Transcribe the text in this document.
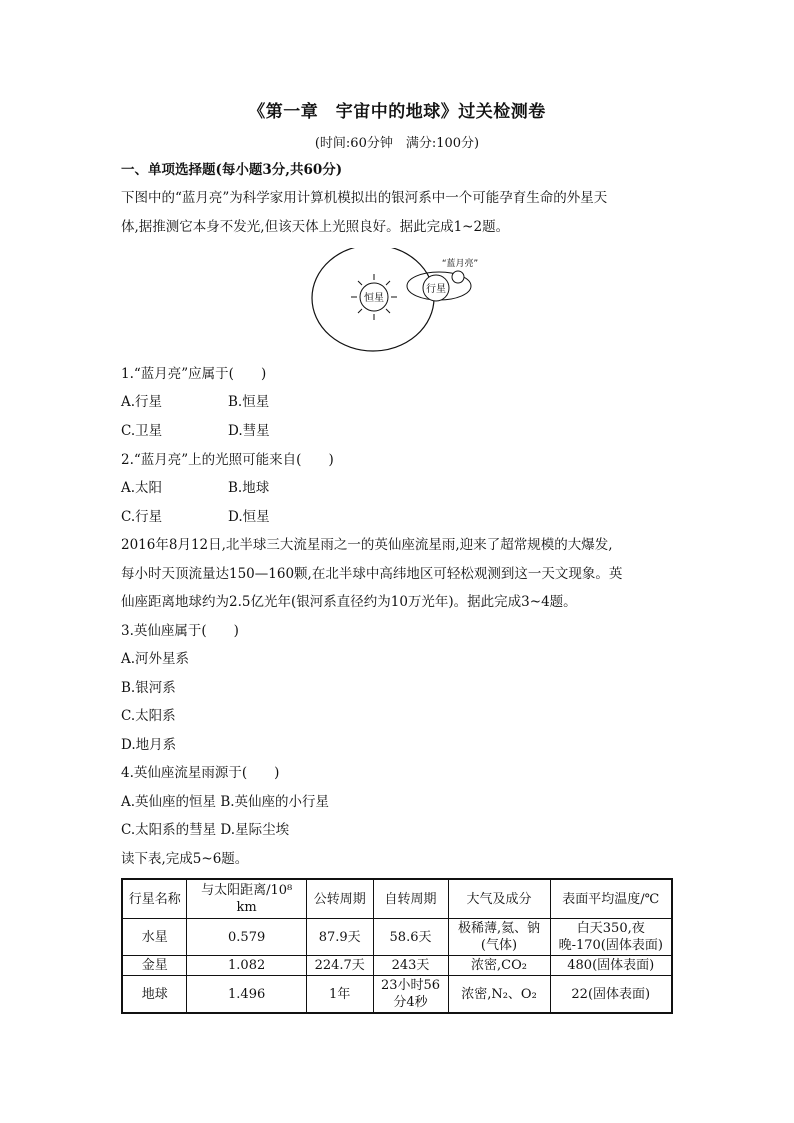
《第一章　宇宙中的地球》过关检测卷
(时间:60分钟　满分:100分)
一、单项选择题(每小题3分,共60分)
下图中的“蓝月亮”为科学家用计算机模拟出的银河系中一个可能孕育生命的外星天
体,据推测它本身不发光,但该天体上光照良好。据此完成1~2题。
恒星
行星
“蓝月亮”
1.“蓝月亮”应属于(　　)
A.行星	B.恒星
C.卫星	D.彗星
2.“蓝月亮”上的光照可能来自(　　)
A.太阳	B.地球
C.行星	D.恒星
2016年8月12日,北半球三大流星雨之一的英仙座流星雨,迎来了超常规模的大爆发,
每小时天顶流量达150—160颗,在北半球中高纬地区可轻松观测到这一天文现象。英
仙座距离地球约为2.5亿光年(银河系直径约为10万光年)。据此完成3~4题。
3.英仙座属于(　　)
A.河外星系
B.银河系
C.太阳系
D.地月系
4.英仙座流星雨源于(　　)
A.英仙座的恒星 B.英仙座的小行星
C.太阳系的彗星 D.星际尘埃
读下表,完成5~6题。
行星名称	与太阳距离/10⁸ km	公转周期	自转周期	大气及成分	表面平均温度/℃
水星	0.579	87.9天	58.6天	极稀薄,氦、钠(气体)	白天350,夜晚-170(固体表面)
金星	1.082	224.7天	243天	浓密,CO₂	480(固体表面)
地球	1.496	1年	23小时56分4秒	浓密,N₂、O₂	22(固体表面)
